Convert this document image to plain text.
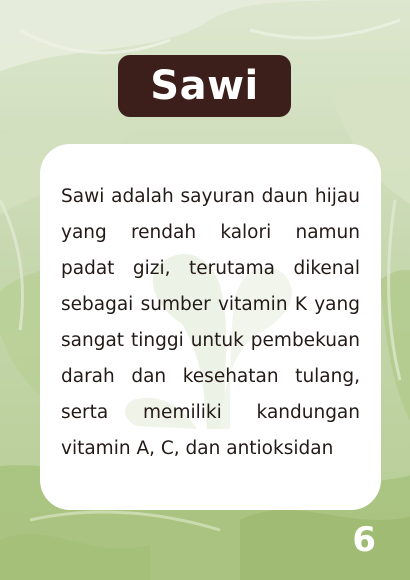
Sawi

Sawi adalah sayuran daun hijau yang rendah kalori namun padat gizi, terutama dikenal sebagai sumber vitamin K yang sangat tinggi untuk pembekuan darah dan kesehatan tulang, serta memiliki kandungan vitamin A, C, dan antioksidan

6
